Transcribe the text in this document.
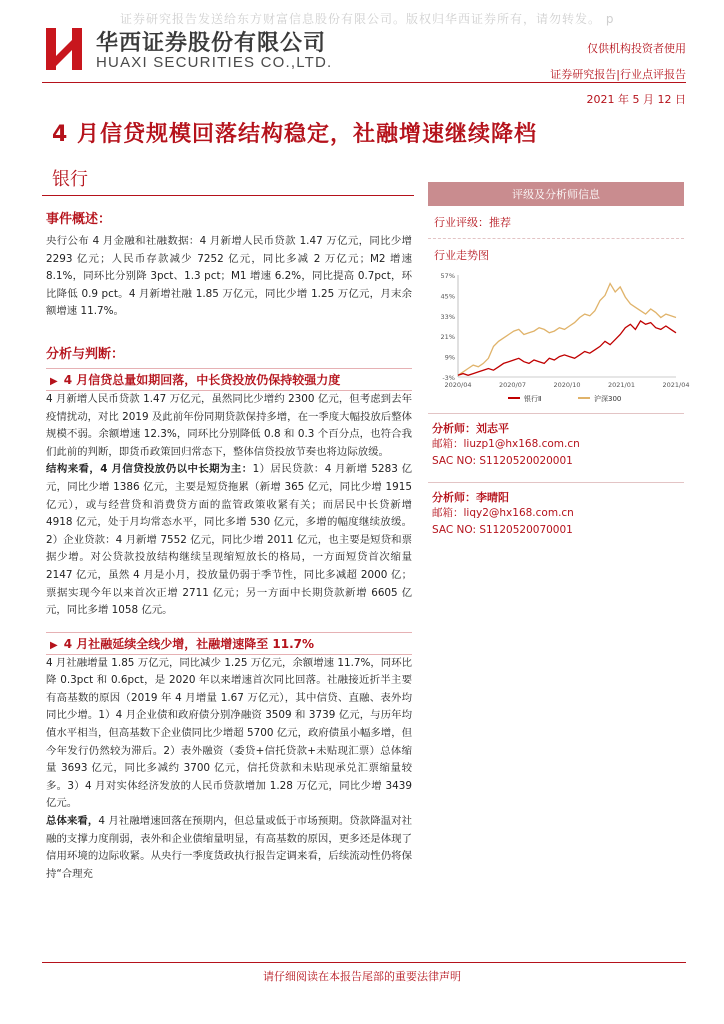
证券研究报告发送给东方财富信息股份有限公司。版权归华西证券所有，请勿转发。 p
华西证券股份有限公司
HUAXI SECURITIES CO.,LTD.
仅供机构投资者使用
证券研究报告|行业点评报告
2021 年 5 月 12 日
4 月信贷规模回落结构稳定，社融增速继续降档
银行
事件概述：

央行公布 4 月金融和社融数据：4 月新增人民币贷款 1.47 万亿元，同比少增 2293 亿元；人民币存款减少 7252 亿元，同比多减 2 万亿元；M2 增速 8.1%，同环比分别降 3pct、1.3 pct；M1 增速 6.2%，同比提高 0.7pct，环比降低 0.9 pct。4 月新增社融 1.85 万亿元，同比少增 1.25 万亿元，月末余额增速 11.7%。

分析与判断：
▶ 4 月信贷总量如期回落，中长贷投放仍保持较强力度

4 月新增人民币贷款 1.47 万亿元，虽然同比少增约 2300 亿元，但考虑到去年疫情扰动，对比 2019 及此前年份同期贷款保持多增，在一季度大幅投放后整体规模不弱。余额增速 12.3%，同环比分别降低 0.8 和 0.3 个百分点，也符合我们此前的判断，即货币政策回归常态下，整体信贷投放节奏也将边际放缓。

结构来看，4 月信贷投放仍以中长期为主：1）居民贷款：4 月新增 5283 亿元，同比少增 1386 亿元，主要是短贷拖累（新增 365 亿元，同比少增 1915 亿元），或与经营贷和消费贷方面的监管政策收紧有关；而居民中长贷新增 4918 亿元，处于月均常态水平，同比多增 530 亿元，多增的幅度继续放缓。2）企业贷款：4 月新增 7552 亿元，同比少增 2011 亿元，也主要是短贷和票据少增。对公贷款投放结构继续呈现缩短放长的格局，一方面短贷首次缩量 2147 亿元，虽然 4 月是小月，投放量仍弱于季节性，同比多减超 2000 亿；票据实现今年以来首次正增 2711 亿元；另一方面中长期贷款新增 6605 亿元，同比多增 1058 亿元。

▶ 4 月社融延续全线少增，社融增速降至 11.7%

4 月社融增量 1.85 万亿元，同比减少 1.25 万亿元，余额增速 11.7%，同环比降 0.3pct 和 0.6pct，是 2020 年以来增速首次同比回落。社融接近折半主要有高基数的原因（2019 年 4 月增量 1.67 万亿元），其中信贷、直融、表外均同比少增。1）4 月企业债和政府债分别净融资 3509 和 3739 亿元，与历年均值水平相当，但高基数下企业债同比少增超 5700 亿元，政府债虽小幅多增，但今年发行仍然较为滞后。2）表外融资（委贷+信托贷款+未贴现汇票）总体缩量 3693 亿元，同比多减约 3700 亿元，信托贷款和未贴现承兑汇票缩量较多。3）4 月对实体经济发放的人民币贷款增加 1.28 万亿元，同比少增 3439 亿元。

总体来看，4 月社融增速回落在预期内，但总量或低于市场预期。贷款降温对社融的支撑力度削弱，表外和企业债缩量明显，有高基数的原因，更多还是体现了信用环境的边际收紧。从央行一季度货政执行报告定调来看，后续流动性仍将保持“合理充

评级及分析师信息
行业评级：推荐
行业走势图
-3%
9%
21%
33%
45%
57%
2020/04	2020/07	2020/10	2021/01	2021/04
银行Ⅱ	沪深300
分析师：刘志平
邮箱：liuzp1@hx168.com.cn
SAC NO: S1120520020001
分析师：李晴阳
邮箱：liqy2@hx168.com.cn
SAC NO: S1120520070001
请仔细阅读在本报告尾部的重要法律声明
